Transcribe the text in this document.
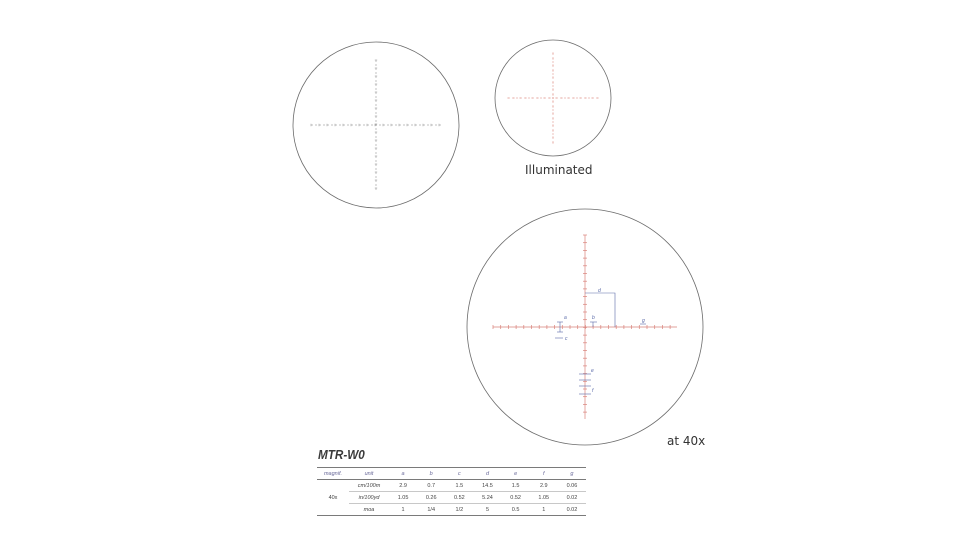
d
a	b	g
c
e
f
Illuminated
at 40x
MTR-W0
magnif.	unit	a	b	c	d	e	f	g
40x	cm/100m	2.9	0.7	1.5	14.5	1.5	2.9	0.06
	in/100yd	1.05	0.26	0.52	5.24	0.52	1.05	0.02
	moa	1	1/4	1/2	5	0.5	1	0.02
